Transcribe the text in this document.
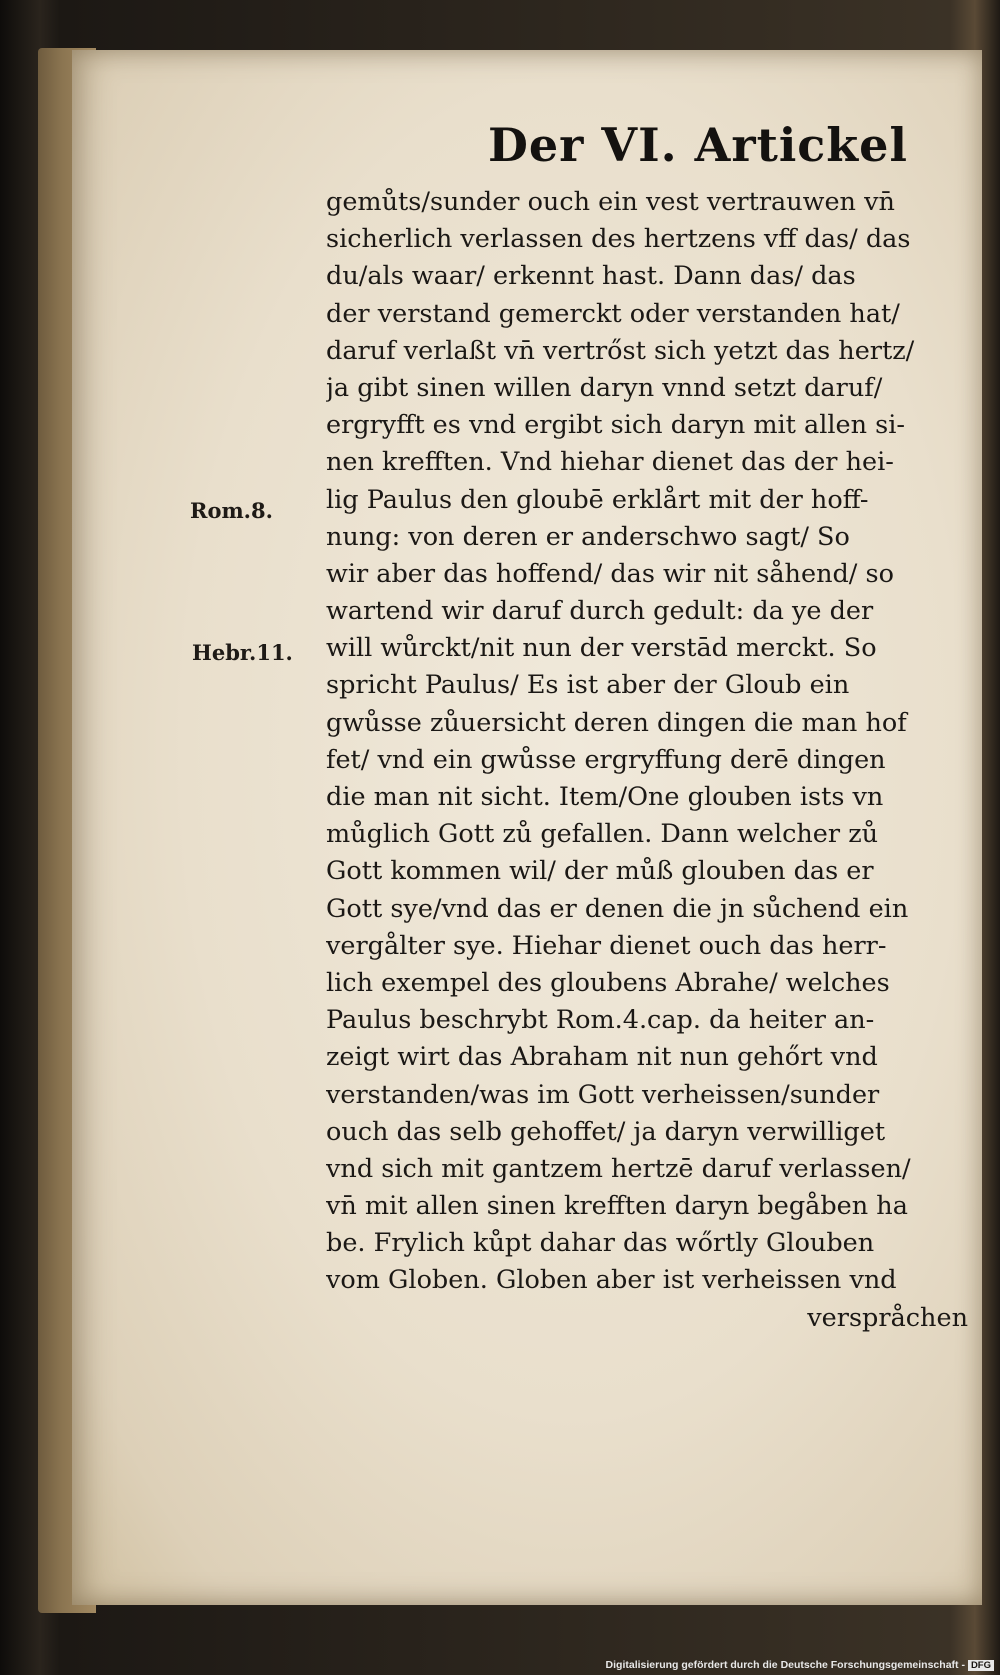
Der VI. Artickel
Rom.8.
Hebr.11.
gemůts/sunder ouch ein vest vertrauwen vn̄
sicherlich verlassen des hertzens vff das/ das
du/als waar/ erkennt hast. Dann das/ das
der verstand gemerckt oder verstanden hat/
daruf verlaßt vn̄ vertrőst sich yetzt das hertz/
ja gibt sinen willen daryn vnnd setzt daruf/
ergryfft es vnd ergibt sich daryn mit allen si-
nen krefften. Vnd hiehar dienet das der hei-
lig Paulus den gloubē erklårt mit der hoff-
nung: von deren er anderschwo sagt/ So
wir aber das hoffend/ das wir nit såhend/ so
wartend wir daruf durch gedult: da ye der
will wůrckt/nit nun der verstād merckt. So
spricht Paulus/ Es ist aber der Gloub ein
gwůsse zůuersicht deren dingen die man hof
fet/ vnd ein gwůsse ergryffung derē dingen
die man nit sicht. Item/One glouben ists vn
můglich Gott zů gefallen. Dann welcher zů
Gott kommen wil/ der můß glouben das er
Gott sye/vnd das er denen die jn sůchend ein
vergålter sye. Hiehar dienet ouch das herr-
lich exempel des gloubens Abrahe/ welches
Paulus beschrybt Rom.4.cap. da heiter an-
zeigt wirt das Abraham nit nun gehőrt vnd
verstanden/was im Gott verheissen/sunder
ouch das selb gehoffet/ ja daryn verwilliget
vnd sich mit gantzem hertzē daruf verlassen/
vn̄ mit allen sinen krefften daryn begåben ha
be. Frylich kůpt dahar das wőrtly Glouben
vom Globen. Globen aber ist verheissen vnd
verspråchen
Digitalisierung gefördert durch die Deutsche Forschungsgemeinschaft - DFG
